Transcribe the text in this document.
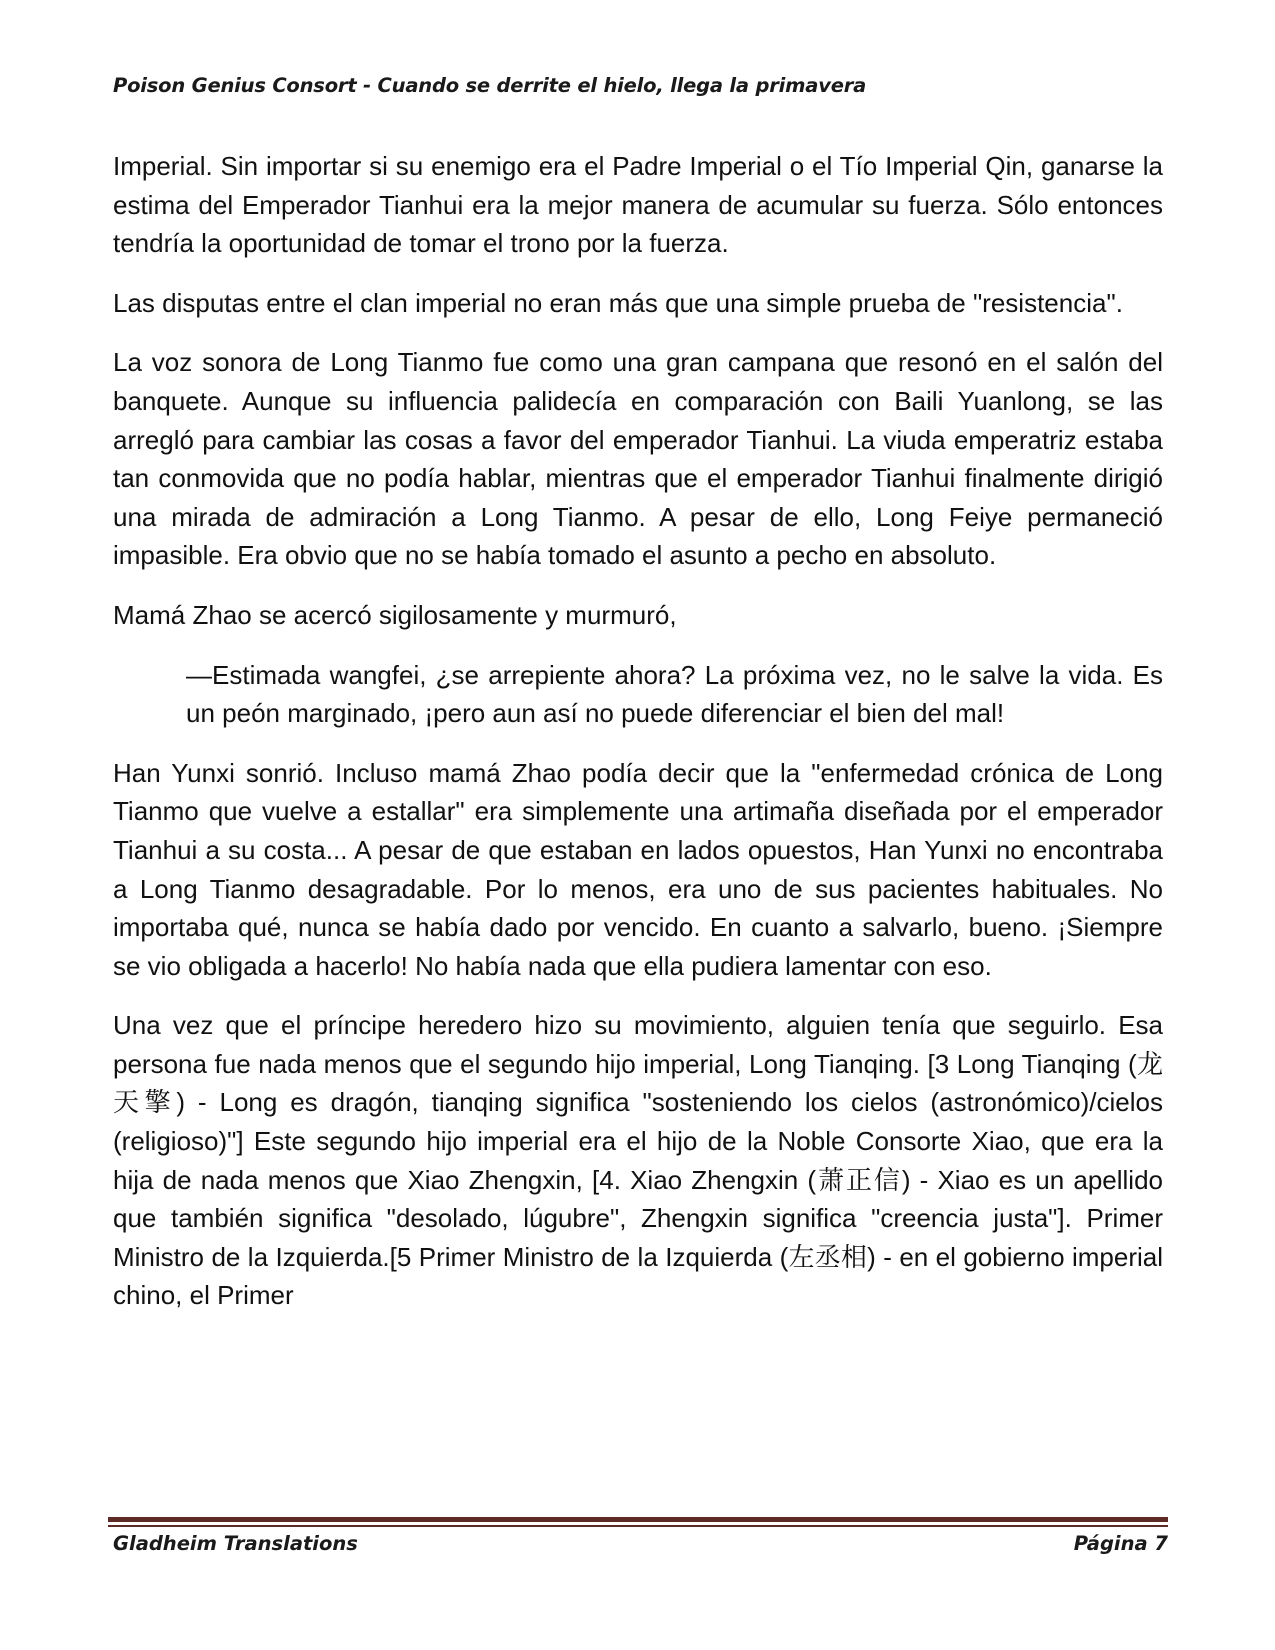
Poison Genius Consort - Cuando se derrite el hielo, llega la primavera

Imperial. Sin importar si su enemigo era el Padre Imperial o el Tío Imperial Qin, ganarse la estima del Emperador Tianhui era la mejor manera de acumular su fuerza. Sólo entonces tendría la oportunidad de tomar el trono por la fuerza.

Las disputas entre el clan imperial no eran más que una simple prueba de "resistencia".

La voz sonora de Long Tianmo fue como una gran campana que resonó en el salón del banquete. Aunque su influencia palidecía en comparación con Baili Yuanlong, se las arregló para cambiar las cosas a favor del emperador Tianhui. La viuda emperatriz estaba tan conmovida que no podía hablar, mientras que el emperador Tianhui finalmente dirigió una mirada de admiración a Long Tianmo. A pesar de ello, Long Feiye permaneció impasible. Era obvio que no se había tomado el asunto a pecho en absoluto.

Mamá Zhao se acercó sigilosamente y murmuró,

—Estimada wangfei, ¿se arrepiente ahora? La próxima vez, no le salve la vida. Es un peón marginado, ¡pero aun así no puede diferenciar el bien del mal!

Han Yunxi sonrió. Incluso mamá Zhao podía decir que la "enfermedad crónica de Long Tianmo que vuelve a estallar" era simplemente una artimaña diseñada por el emperador Tianhui a su costa... A pesar de que estaban en lados opuestos, Han Yunxi no encontraba a Long Tianmo desagradable. Por lo menos, era uno de sus pacientes habituales. No importaba qué, nunca se había dado por vencido. En cuanto a salvarlo, bueno. ¡Siempre se vio obligada a hacerlo! No había nada que ella pudiera lamentar con eso.

Una vez que el príncipe heredero hizo su movimiento, alguien tenía que seguirlo. Esa persona fue nada menos que el segundo hijo imperial, Long Tianqing. [3 Long Tianqing (龙天擎) - Long es dragón, tianqing significa "sosteniendo los cielos (astronómico)/cielos (religioso)"] Este segundo hijo imperial era el hijo de la Noble Consorte Xiao, que era la hija de nada menos que Xiao Zhengxin, [4. Xiao Zhengxin (萧正信) - Xiao es un apellido que también significa "desolado, lúgubre", Zhengxin significa "creencia justa"]. Primer Ministro de la Izquierda.[5 Primer Ministro de la Izquierda (左丞相) - en el gobierno imperial chino, el Primer

Gladheim Translations	Página 7
